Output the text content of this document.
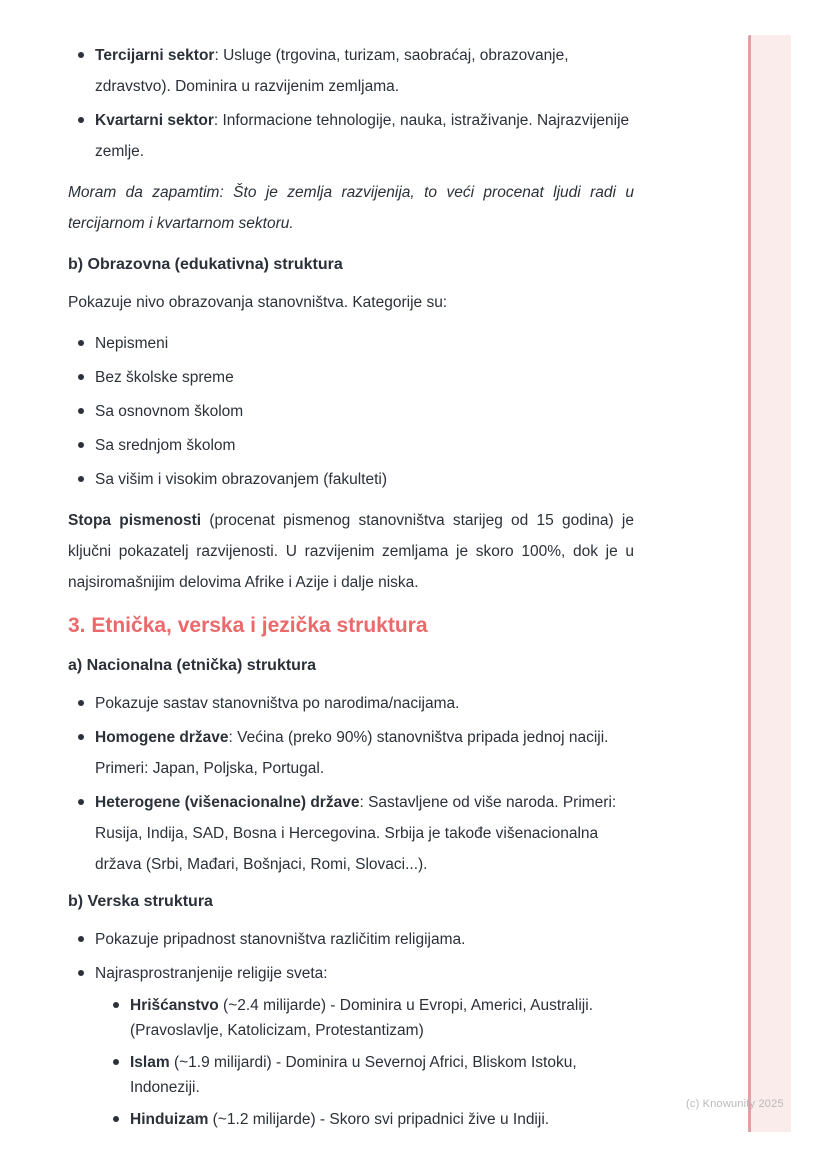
Tercijarni sektor: Usluge (trgovina, turizam, saobraćaj, obrazovanje, zdravstvo). Dominira u razvijenim zemljama.
Kvartarni sektor: Informacione tehnologije, nauka, istraživanje. Najrazvijenije zemlje.

Moram da zapamtim: Što je zemlja razvijenija, to veći procenat ljudi radi u tercijarnom i kvartarnom sektoru.

b) Obrazovna (edukativna) struktura

Pokazuje nivo obrazovanja stanovništva. Kategorije su:

Nepismeni
Bez školske spreme
Sa osnovnom školom
Sa srednjom školom
Sa višim i visokim obrazovanjem (fakulteti)

Stopa pismenosti (procenat pismenog stanovništva starijeg od 15 godina) je ključni pokazatelj razvijenosti. U razvijenim zemljama je skoro 100%, dok je u najsiromašnijim delovima Afrike i Azije i dalje niska.

3. Etnička, verska i jezička struktura
a) Nacionalna (etnička) struktura
Pokazuje sastav stanovništva po narodima/nacijama.
Homogene države: Većina (preko 90%) stanovništva pripada jednoj naciji. Primeri: Japan, Poljska, Portugal.
Heterogene (višenacionalne) države: Sastavljene od više naroda. Primeri: Rusija, Indija, SAD, Bosna i Hercegovina. Srbija je takođe višenacionalna država (Srbi, Mađari, Bošnjaci, Romi, Slovaci...).
b) Verska struktura
Pokazuje pripadnost stanovništva različitim religijama.
Najrasprostranjenije religije sveta:
Hrišćanstvo (~2.4 milijarde) - Dominira u Evropi, Americi, Australiji. (Pravoslavlje, Katolicizam, Protestantizam)
Islam (~1.9 milijardi) - Dominira u Severnoj Africi, Bliskom Istoku, Indoneziji.
Hinduizam (~1.2 milijarde) - Skoro svi pripadnici žive u Indiji.
(c) Knowunity 2025
